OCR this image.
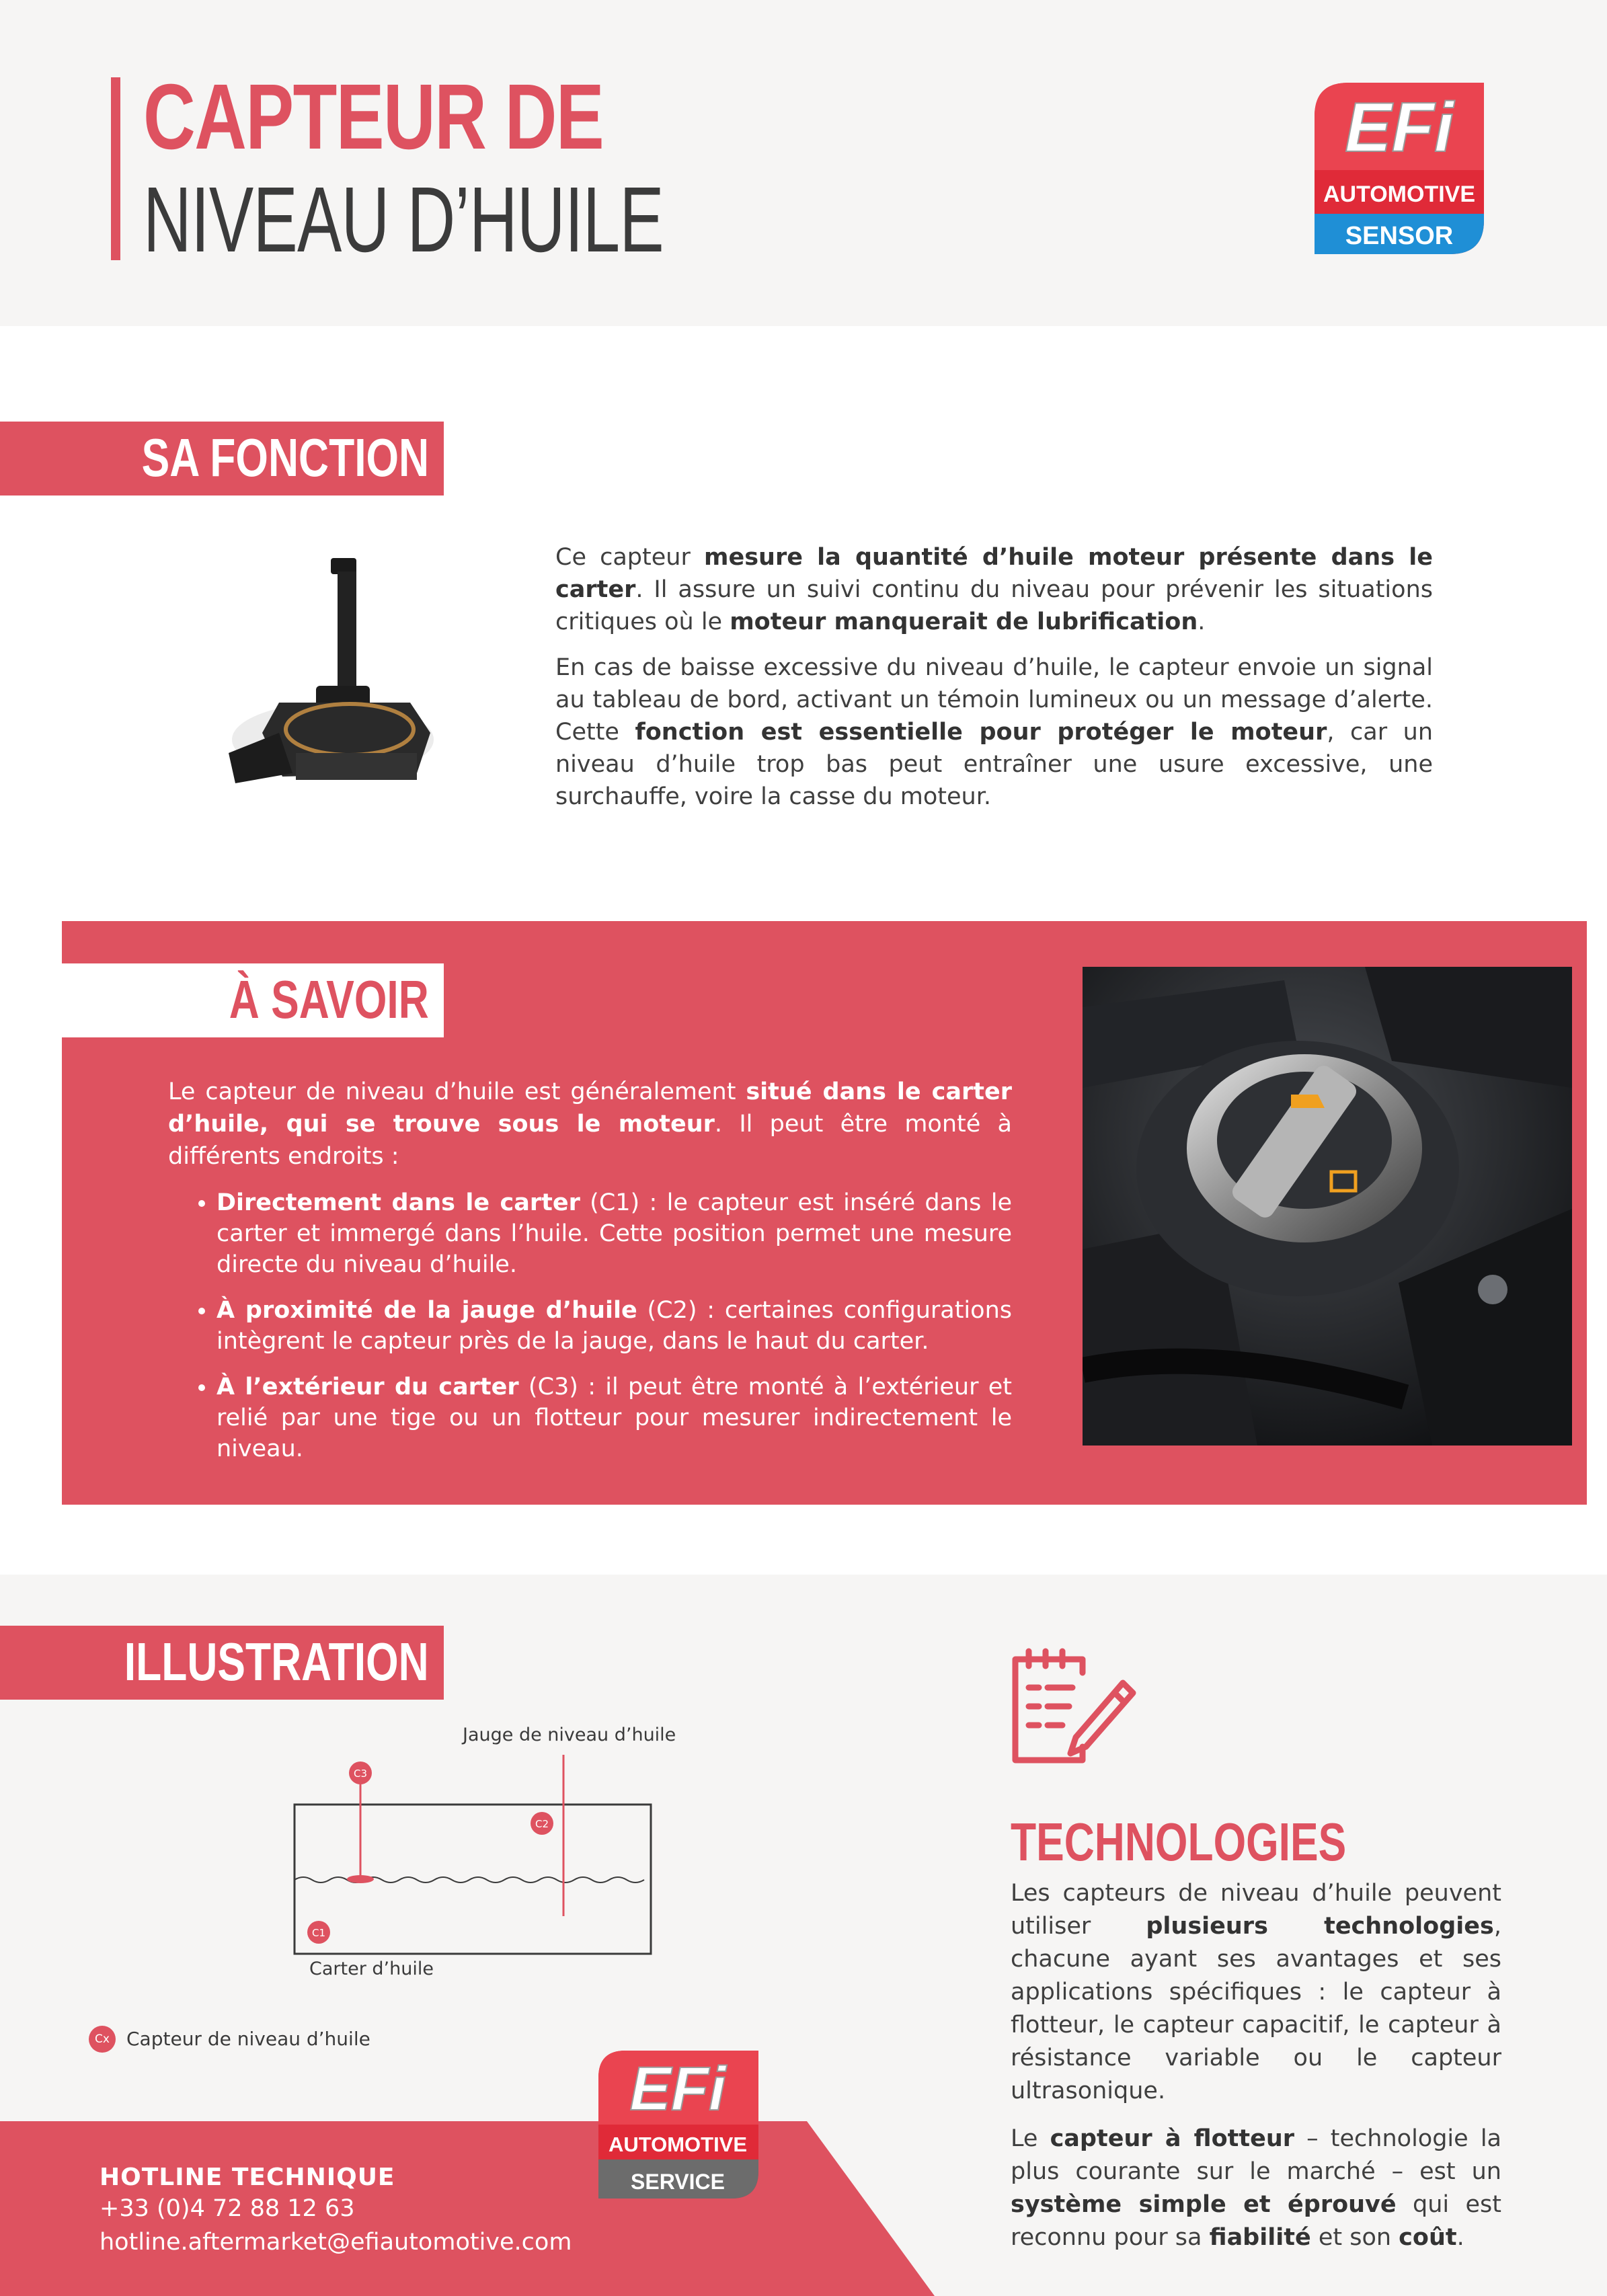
CAPTEUR DE
NIVEAU D’HUILE
EFi
AUTOMOTIVE
SENSOR
SA FONCTION

Ce capteur mesure la quantité d’huile moteur présente dans le carter. Il assure un suivi continu du niveau pour prévenir les situations critiques où le moteur manquerait de lubrification.

En cas de baisse excessive du niveau d’huile, le capteur envoie un signal au tableau de bord, activant un témoin lumineux ou un message d’alerte. Cette fonction est essentielle pour protéger le moteur, car un niveau d’huile trop bas peut entraîner une usure excessive, une surchauffe, voire la casse du moteur.

À SAVOIR

Le capteur de niveau d’huile est généralement situé dans le carter d’huile, qui se trouve sous le moteur. Il peut être monté à différents endroits :

• Directement dans le carter (C1) : le capteur est inséré dans le carter et immergé dans l’huile. Cette position permet une mesure directe du niveau d’huile.
• À proximité de la jauge d’huile (C2) : certaines configurations intègrent le capteur près de la jauge, dans le haut du carter.
• À l’extérieur du carter (C3) : il peut être monté à l’extérieur et relié par une tige ou un flotteur pour mesurer indirectement le niveau.
ILLUSTRATION
C3
C2
C1
Jauge de niveau d’huile
Carter d’huile
Cx Capteur de niveau d’huile
EFi
AUTOMOTIVE
SERVICE
HOTLINE TECHNIQUE
+33 (0)4 72 88 12 63
hotline.aftermarket@efiautomotive.com
TECHNOLOGIES

Les capteurs de niveau d’huile peuvent utiliser plusieurs technologies, chacune ayant ses avantages et ses applications spécifiques : le capteur à flotteur, le capteur capacitif, le capteur à résistance variable ou le capteur ultrasonique.

Le capteur à flotteur – technologie la plus courante sur le marché – est un système simple et éprouvé qui est reconnu pour sa fiabilité et son coût.
